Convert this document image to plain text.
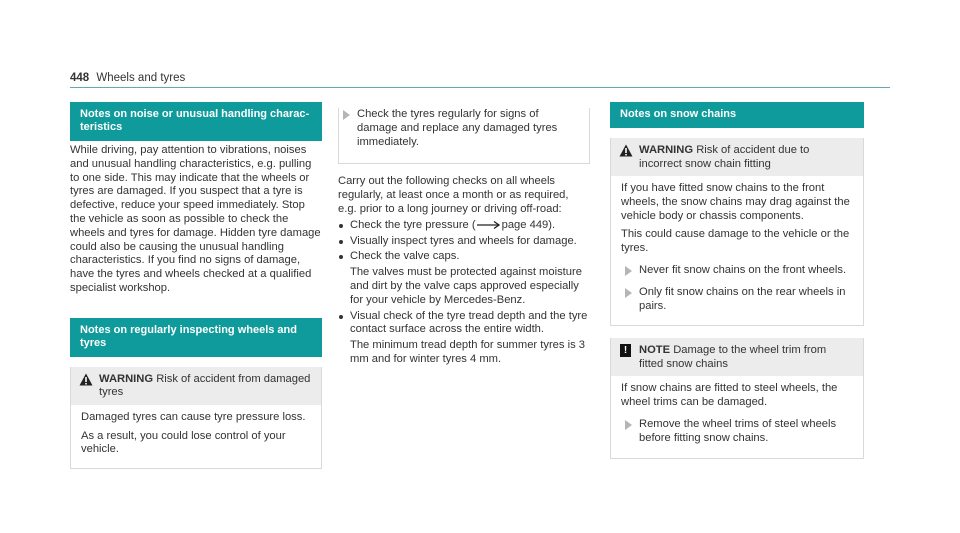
448 Wheels and tyres
Notes on noise or unusual handling charac-teristics
While driving, pay attention to vibrations, noises and unusual handling characteristics, e.g. pulling to one side. This may indicate that the wheels or tyres are damaged. If you suspect that a tyre is defective, reduce your speed immediately. Stop the vehicle as soon as possible to check the wheels and tyres for damage. Hidden tyre damage could also be causing the unusual handling characteristics. If you find no signs of damage, have the tyres and wheels checked at a qualified specialist workshop.
Notes on regularly inspecting wheels and tyres
WARNING Risk of accident from damaged tyres

Damaged tyres can cause tyre pressure loss.

As a result, you could lose control of your vehicle.

Check the tyres regularly for signs of damage and replace any damaged tyres immediately.
Carry out the following checks on all wheels regularly, at least once a month or as required, e.g. prior to a long journey or driving off-road:
Check the tyre pressure ( page 449).
Visually inspect tyres and wheels for damage.
Check the valve caps.
The valves must be protected against moisture and dirt by the valve caps approved especially for your vehicle by Mercedes-Benz.
Visual check of the tyre tread depth and the tyre contact surface across the entire width.
The minimum tread depth for summer tyres is 3 mm and for winter tyres 4 mm.
Notes on snow chains
WARNING Risk of accident due to incorrect snow chain fitting

If you have fitted snow chains to the front wheels, the snow chains may drag against the vehicle body or chassis components.

This could cause damage to the vehicle or the tyres.

Never fit snow chains on the front wheels.
Only fit snow chains on the rear wheels in pairs.
!	NOTE Damage to the wheel trim from fitted snow chains

If snow chains are fitted to steel wheels, the wheel trims can be damaged.

Remove the wheel trims of steel wheels before fitting snow chains.
